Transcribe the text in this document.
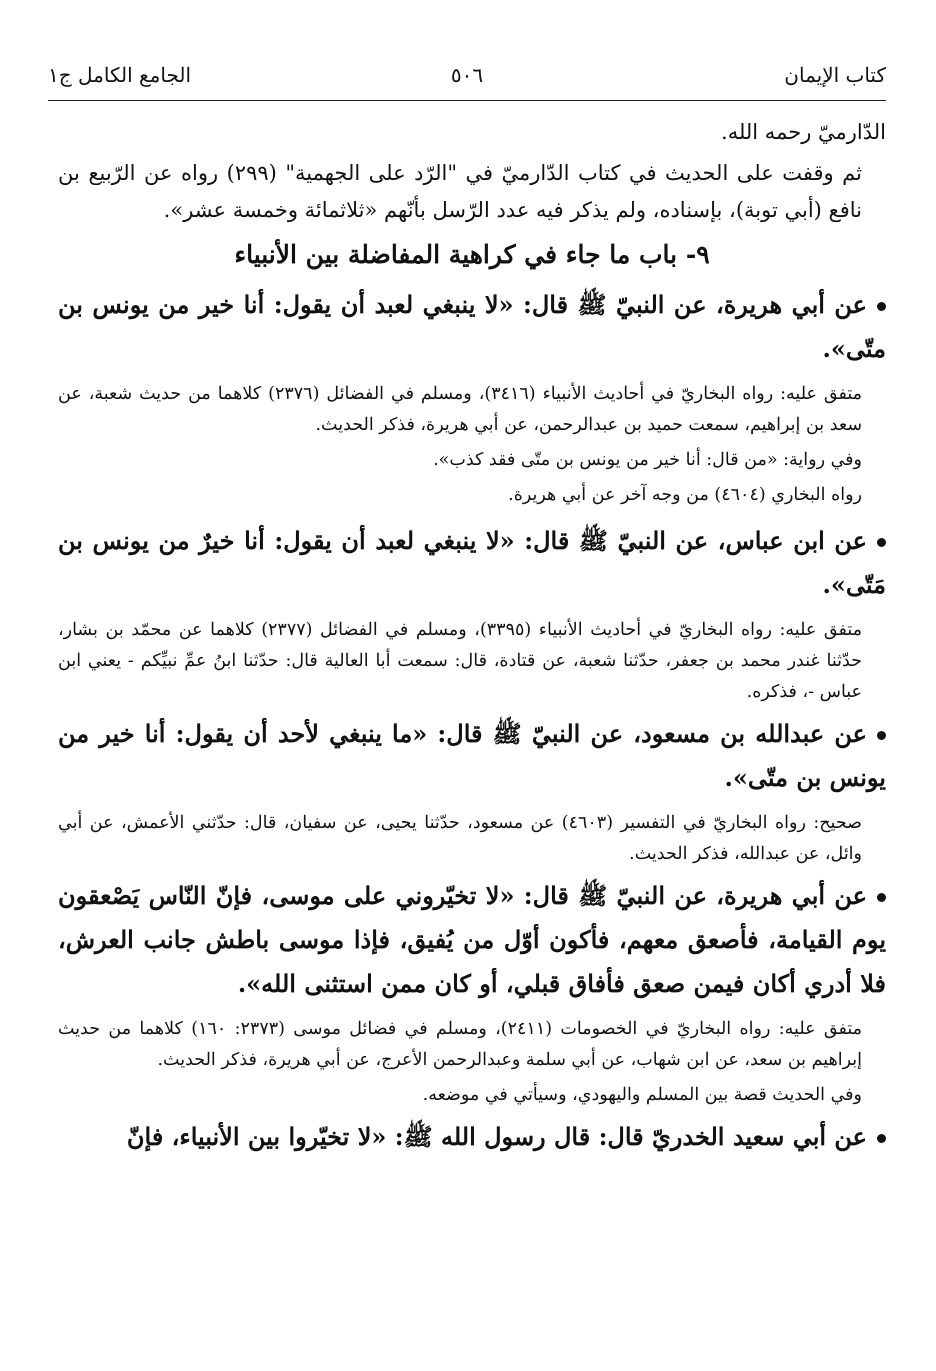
كتاب الإيمان
٥٠٦
الجامع الكامل ج١

الدّارميّ رحمه الله.

ثم وقفت على الحديث في كتاب الدّارميّ في "الرّد على الجهمية" (٢٩٩) رواه عن الرّبيع بن نافع (أبي توبة)، بإسناده، ولم يذكر فيه عدد الرّسل بأنّهم «ثلاثمائة وخمسة عشر».

٩- باب ما جاء في كراهية المفاضلة بين الأنبياء

عن أبي هريرة، عن النبيّ ﷺ قال: «لا ينبغي لعبد أن يقول: أنا خير من يونس بن متّى».

متفق عليه: رواه البخاريّ في أحاديث الأنبياء (٣٤١٦)، ومسلم في الفضائل (٢٣٧٦) كلاهما من حديث شعبة، عن سعد بن إبراهيم، سمعت حميد بن عبدالرحمن، عن أبي هريرة، فذكر الحديث.

وفي رواية: «من قال: أنا خير من يونس بن متّى فقد كذب».

رواه البخاري (٤٦٠٤) من وجه آخر عن أبي هريرة.

عن ابن عباس، عن النبيّ ﷺ قال: «لا ينبغي لعبد أن يقول: أنا خيرٌ من يونس بن مَتّى».

متفق عليه: رواه البخاريّ في أحاديث الأنبياء (٣٣٩٥)، ومسلم في الفضائل (٢٣٧٧) كلاهما عن محمّد بن بشار، حدّثنا غندر محمد بن جعفر، حدّثنا شعبة، عن قتادة، قال: سمعت أبا العالية قال: حدّثنا ابنُ عمِّ نبيِّكم - يعني ابن عباس -، فذكره.

عن عبدالله بن مسعود، عن النبيّ ﷺ قال: «ما ينبغي لأحد أن يقول: أنا خير من يونس بن متّى».

صحيح: رواه البخاريّ في التفسير (٤٦٠٣) عن مسعود، حدّثنا يحيى، عن سفيان، قال: حدّثني الأعمش، عن أبي وائل، عن عبدالله، فذكر الحديث.

عن أبي هريرة، عن النبيّ ﷺ قال: «لا تخيّروني على موسى، فإنّ النّاس يَصْعقون يوم القيامة، فأصعق معهم، فأكون أوّل من يُفيق، فإذا موسى باطش جانب العرش، فلا أدري أكان فيمن صعق فأفاق قبلي، أو كان ممن استثنى الله».

متفق عليه: رواه البخاريّ في الخصومات (٢٤١١)، ومسلم في فضائل موسى (٢٣٧٣: ١٦٠) كلاهما من حديث إبراهيم بن سعد، عن ابن شهاب، عن أبي سلمة وعبدالرحمن الأعرج، عن أبي هريرة، فذكر الحديث.

وفي الحديث قصة بين المسلم واليهودي، وسيأتي في موضعه.

عن أبي سعيد الخدريّ قال: قال رسول الله ﷺ: «لا تخيّروا بين الأنبياء، فإنّ
